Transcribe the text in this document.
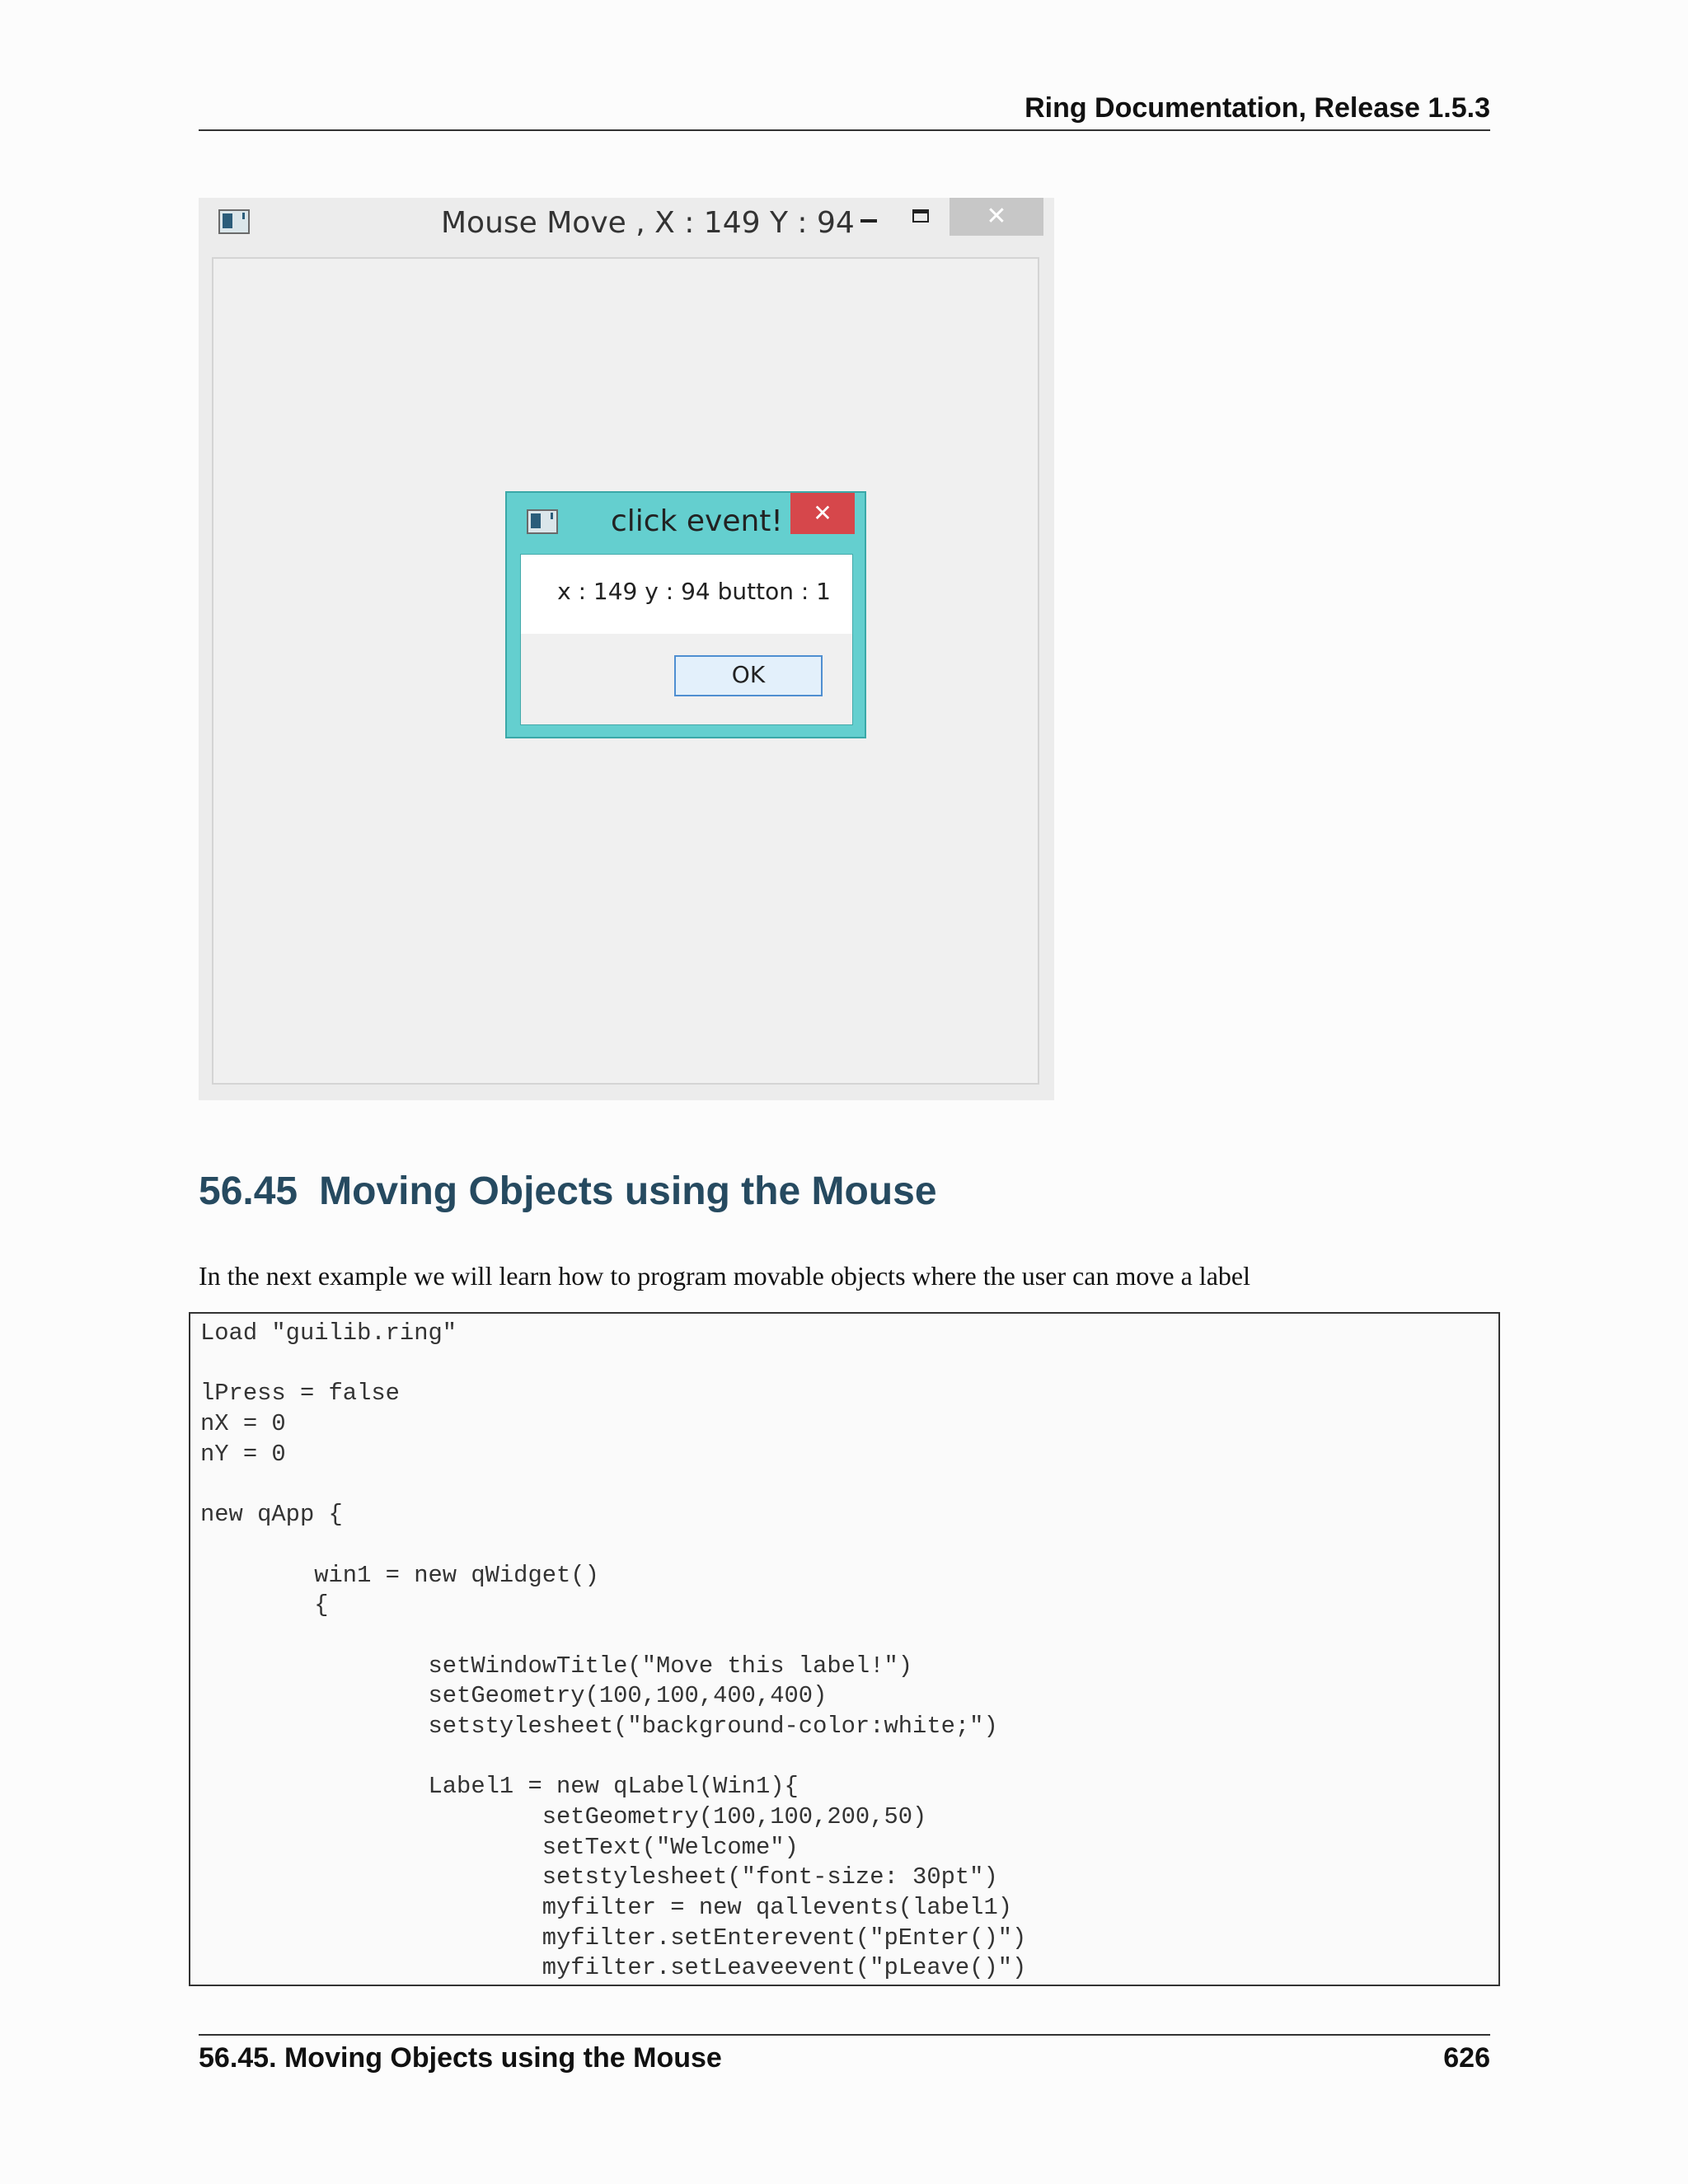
Ring Documentation, Release 1.5.3
Mouse Move , X : 149 Y : 94	✕
click event!	✕
x : 149 y : 94 button : 1
OK
56.45 Moving Objects using the Mouse
In the next example we will learn how to program movable objects where the user can move a label
Load "guilib.ring"
lPress = false
nX = 0
nY = 0
new qApp {
win1 = new qWidget()
{
setWindowTitle("Move this label!")
setGeometry(100,100,400,400)
setstylesheet("background-color:white;")
Label1 = new qLabel(Win1){
setGeometry(100,100,200,50)
setText("Welcome")
setstylesheet("font-size: 30pt")
myfilter = new qallevents(label1)
myfilter.setEnterevent("pEnter()")
myfilter.setLeaveevent("pLeave()")
56.45. Moving Objects using the Mouse	626
